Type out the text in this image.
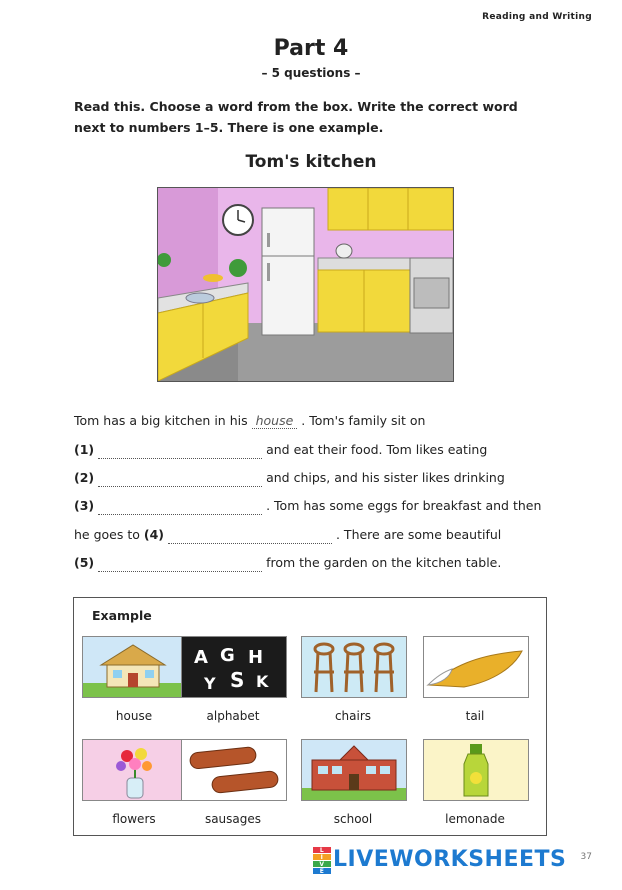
Reading and Writing
Part 4
– 5 questions –
Read this. Choose a word from the box. Write the correct word next to numbers 1–5. There is one example.
Tom's kitchen
Tom has a big kitchen in his house . Tom's family sit on
(1)	and eat their food. Tom likes eating
(2)	and chips, and his sister likes drinking
(3)	. Tom has some eggs for breakfast and then
he goes to (4)	. There are some beautiful
(5)	from the garden on the kitchen table.
Example
house
A G H
Y S K
alphabet	chairs	tail
flowers	sausages	school	lemonade
L
I
V
E LIVEWORKSHEETS 37
